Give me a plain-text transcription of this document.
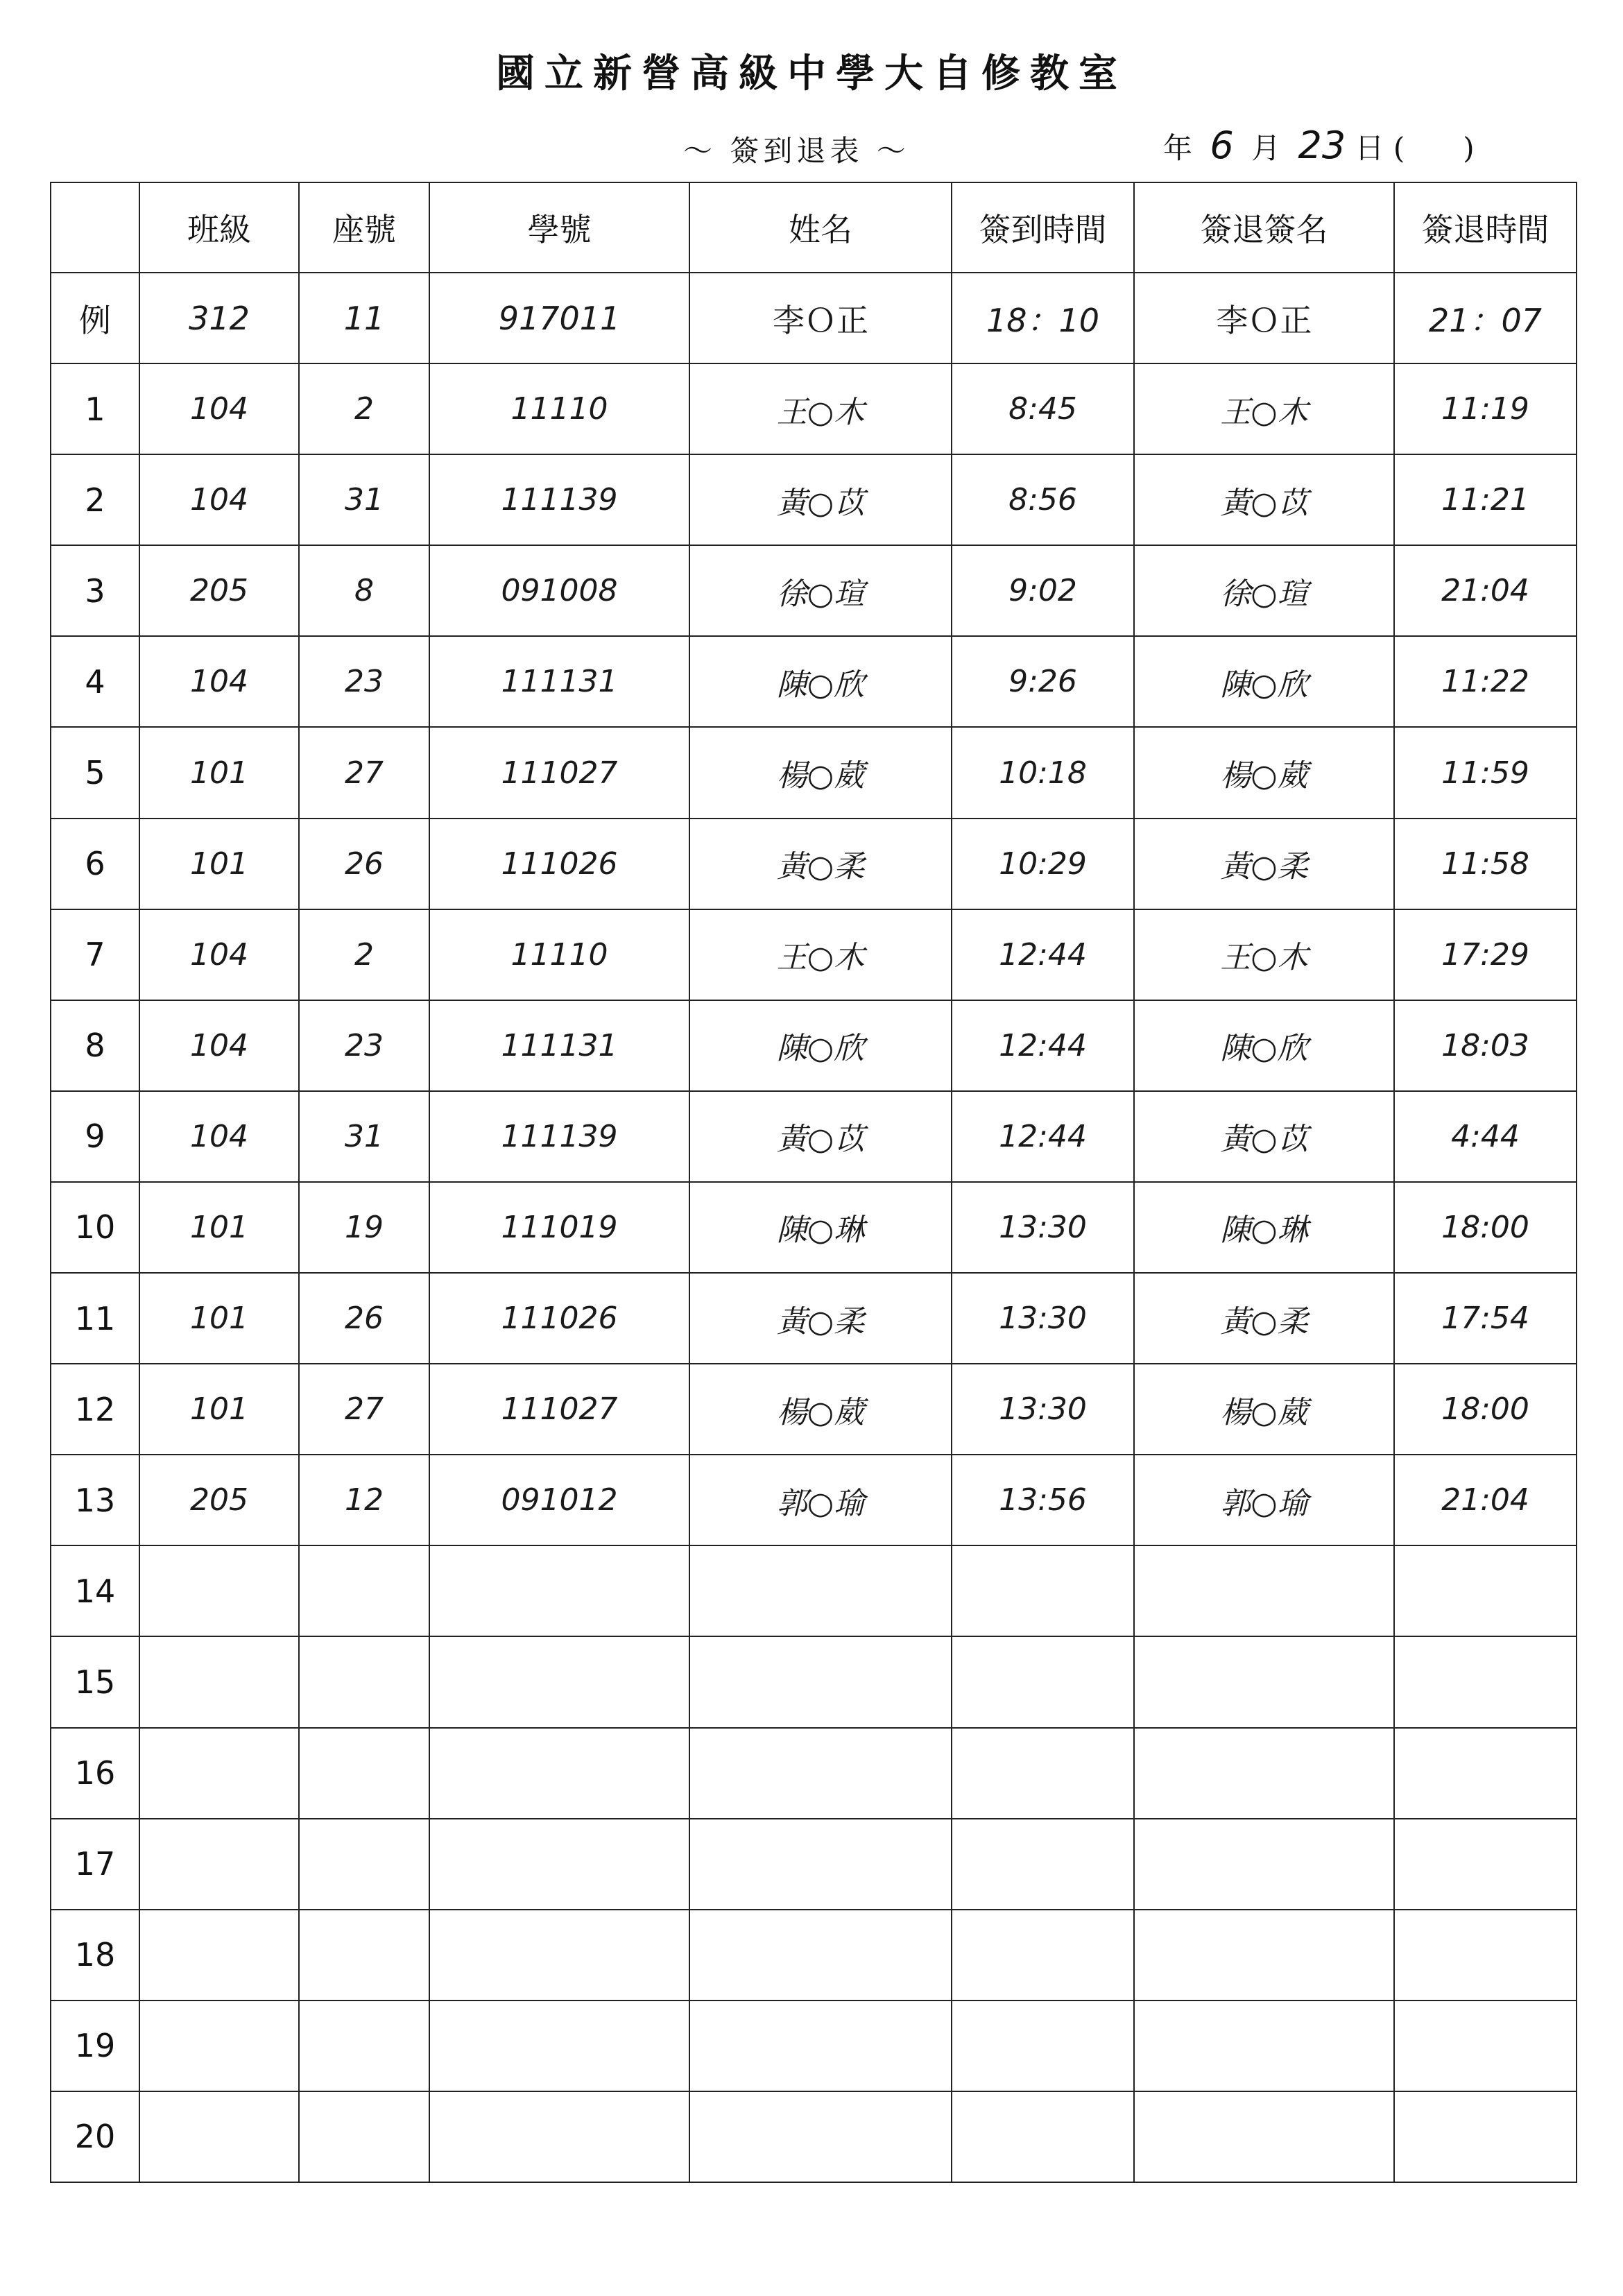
國立新營高級中學大自修教室
～ 簽到退表 ～	年 6 月 23 日 (　　)
	班級	座號	學號	姓名	簽到時間	簽退簽名	簽退時間
例	312	11	917011	李Ｏ正	18：10	李Ｏ正	21：07
1	104	2	11110	王○木	8:45	王○木	11:19
2	104	31	111139	黃○苡	8:56	黃○苡	11:21
3	205	8	091008	徐○瑄	9:02	徐○瑄	21:04
4	104	23	111131	陳○欣	9:26	陳○欣	11:22
5	101	27	111027	楊○葳	10:18	楊○葳	11:59
6	101	26	111026	黃○柔	10:29	黃○柔	11:58
7	104	2	11110	王○木	12:44	王○木	17:29
8	104	23	111131	陳○欣	12:44	陳○欣	18:03
9	104	31	111139	黃○苡	12:44	黃○苡	4:44
10	101	19	111019	陳○琳	13:30	陳○琳	18:00
11	101	26	111026	黃○柔	13:30	黃○柔	17:54
12	101	27	111027	楊○葳	13:30	楊○葳	18:00
13	205	12	091012	郭○瑜	13:56	郭○瑜	21:04
14							
15							
16							
17							
18							
19							
20							
